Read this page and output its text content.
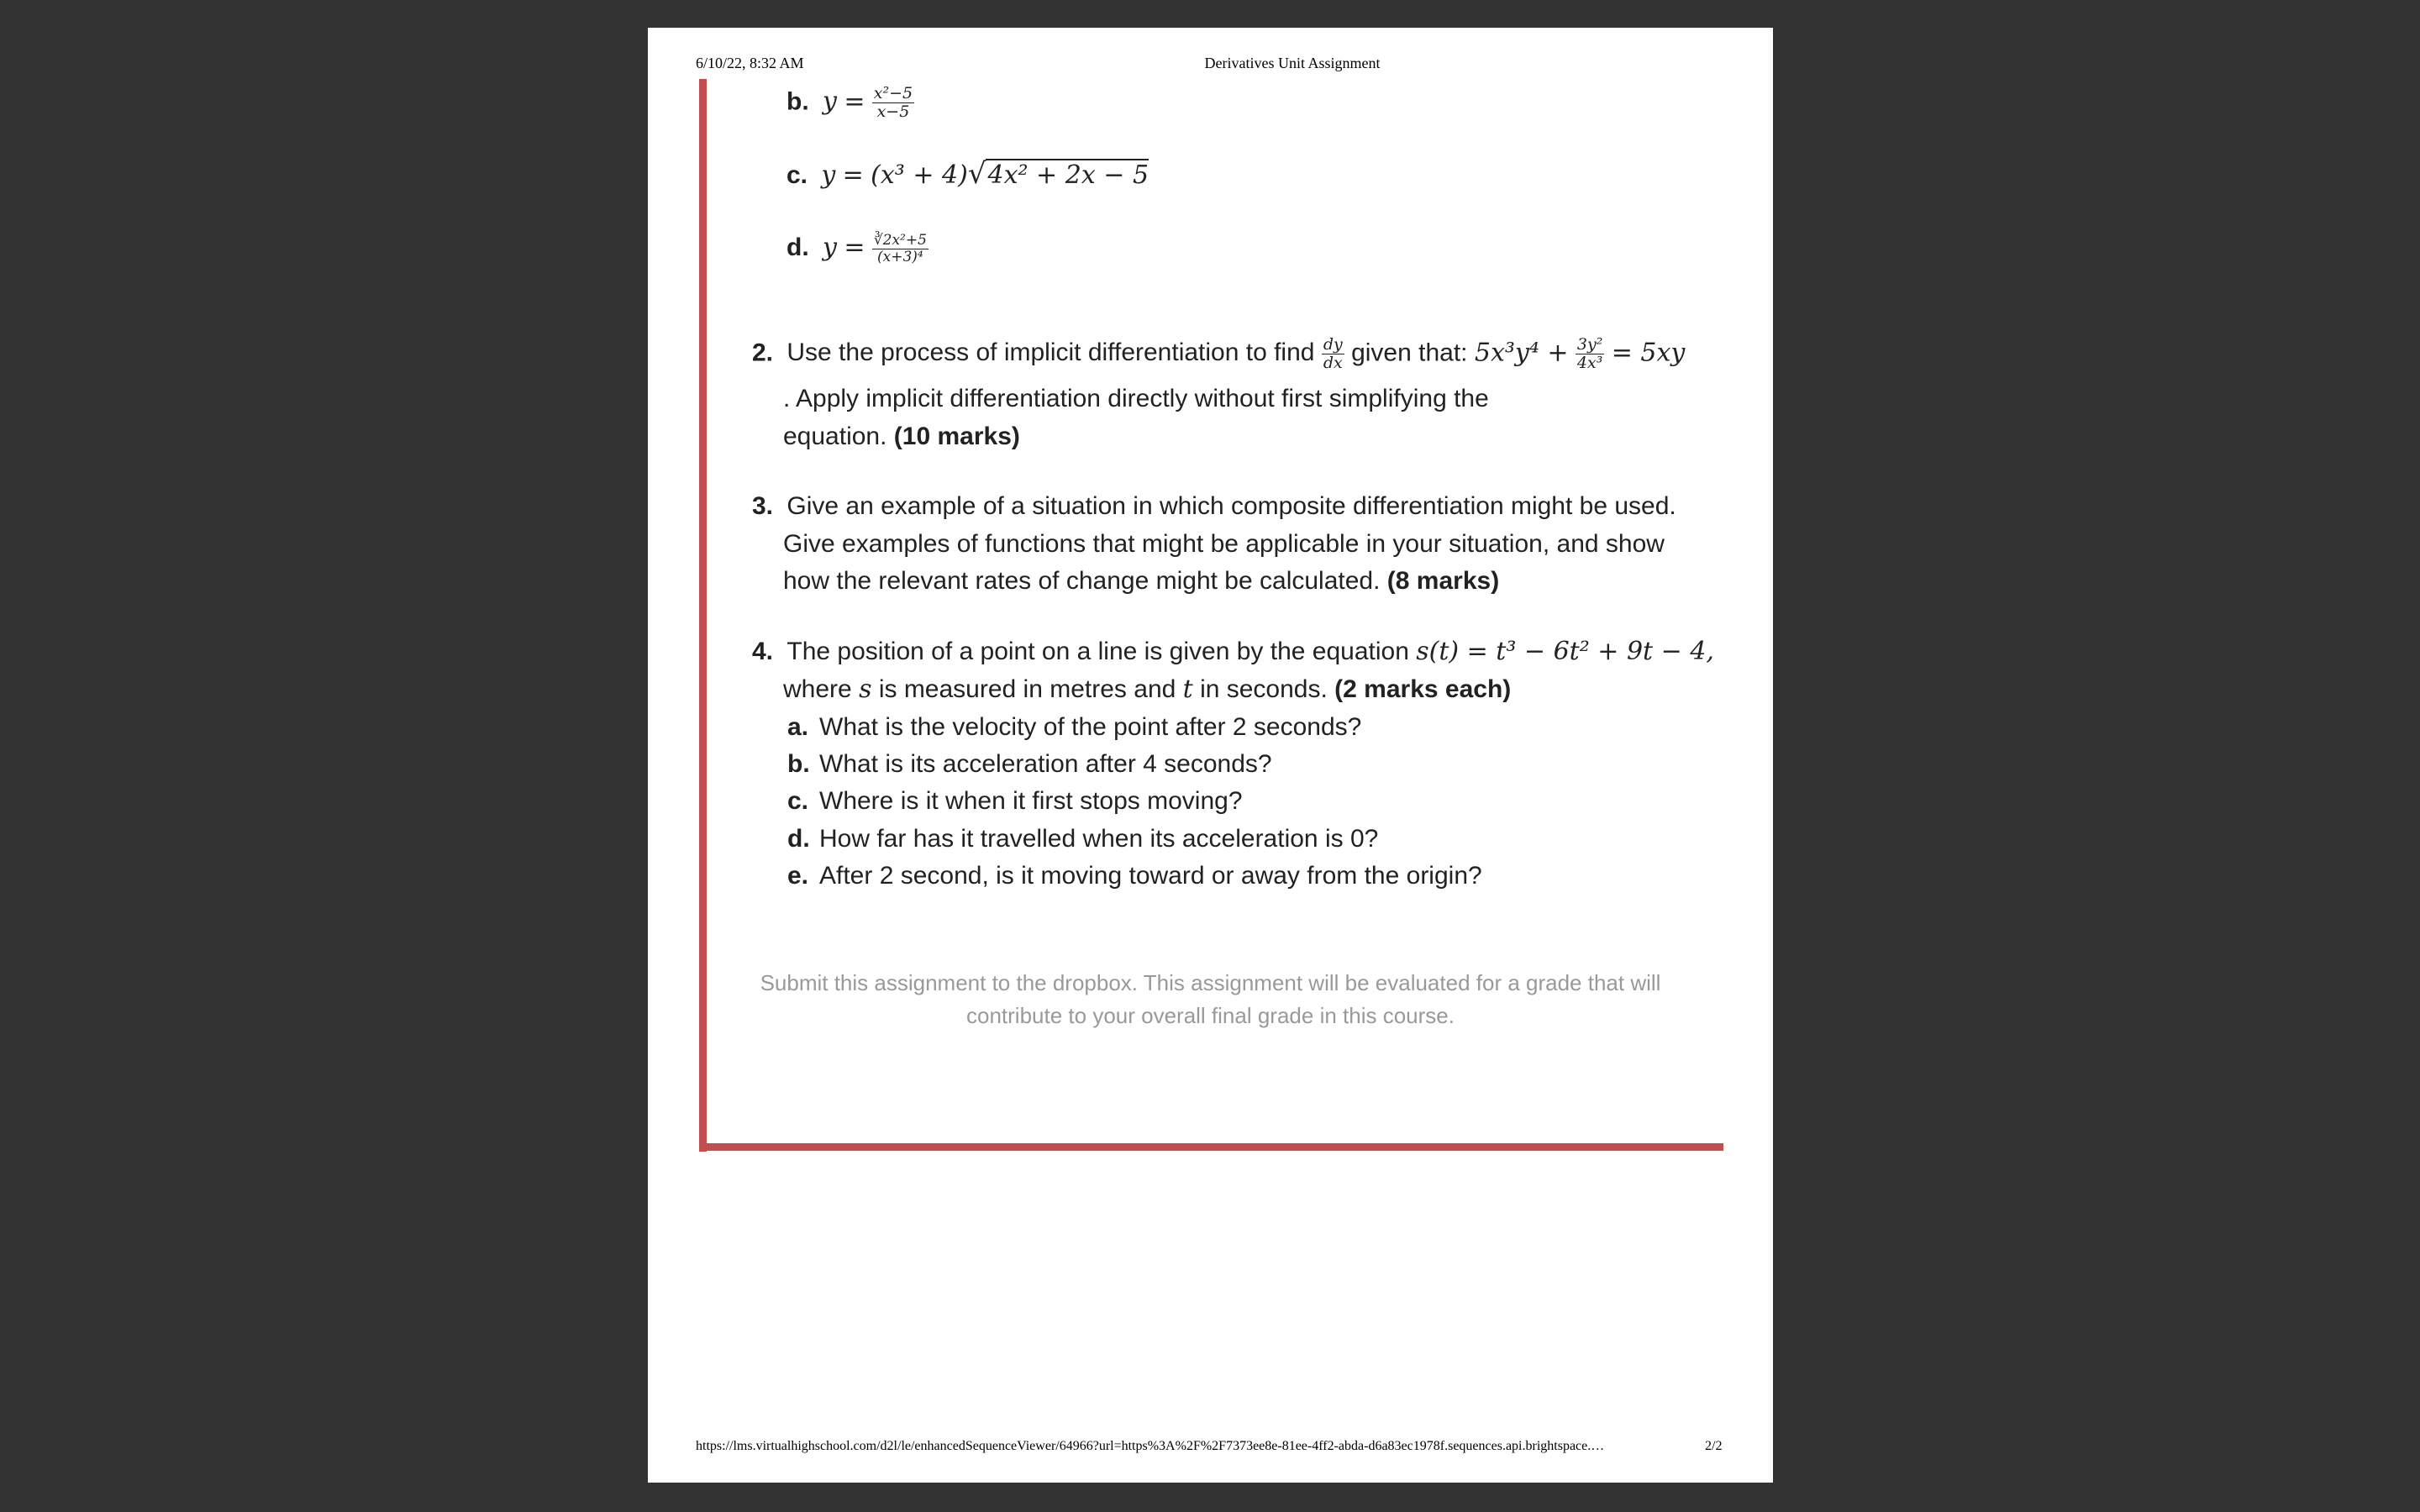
6/10/22, 8:32 AM	Derivatives Unit Assignment
b. $y = \frac{\text{x²−5}}{x-5}$
c. y = (x³ + 4)√4x² + 2x − 5
d. $y = \frac{\text{∛2x²+5}}{\text{(x+3)⁴}}$
2. Use the process of implicit differentiation to find $\frac{dy}{dx}$ given that: $5x^3y^4 + \frac{\text{3y²}}{\text{4x³}} = 5xy$
. Apply implicit differentiation directly without first simplifying the
equation. (10 marks)
3. Give an example of a situation in which composite differentiation might be used.
Give examples of functions that might be applicable in your situation, and show
how the relevant rates of change might be calculated. (8 marks)
4. The position of a point on a line is given by the equation s(t) = t³ − 6t² + 9t − 4,
where s is measured in metres and t in seconds. (2 marks each)
a. What is the velocity of the point after 2 seconds?
b. What is its acceleration after 4 seconds?
c. Where is it when it first stops moving?
d. How far has it travelled when its acceleration is 0?
e. After 2 second, is it moving toward or away from the origin?
Submit this assignment to the dropbox. This assignment will be evaluated for a grade that will
contribute to your overall final grade in this course.
https://lms.virtualhighschool.com/d2l/le/enhancedSequenceViewer/64966?url=https%3A%2F%2F7373ee8e-81ee-4ff2-abda-d6a83ec1978f.sequences.api.brightspace.…	2/2
